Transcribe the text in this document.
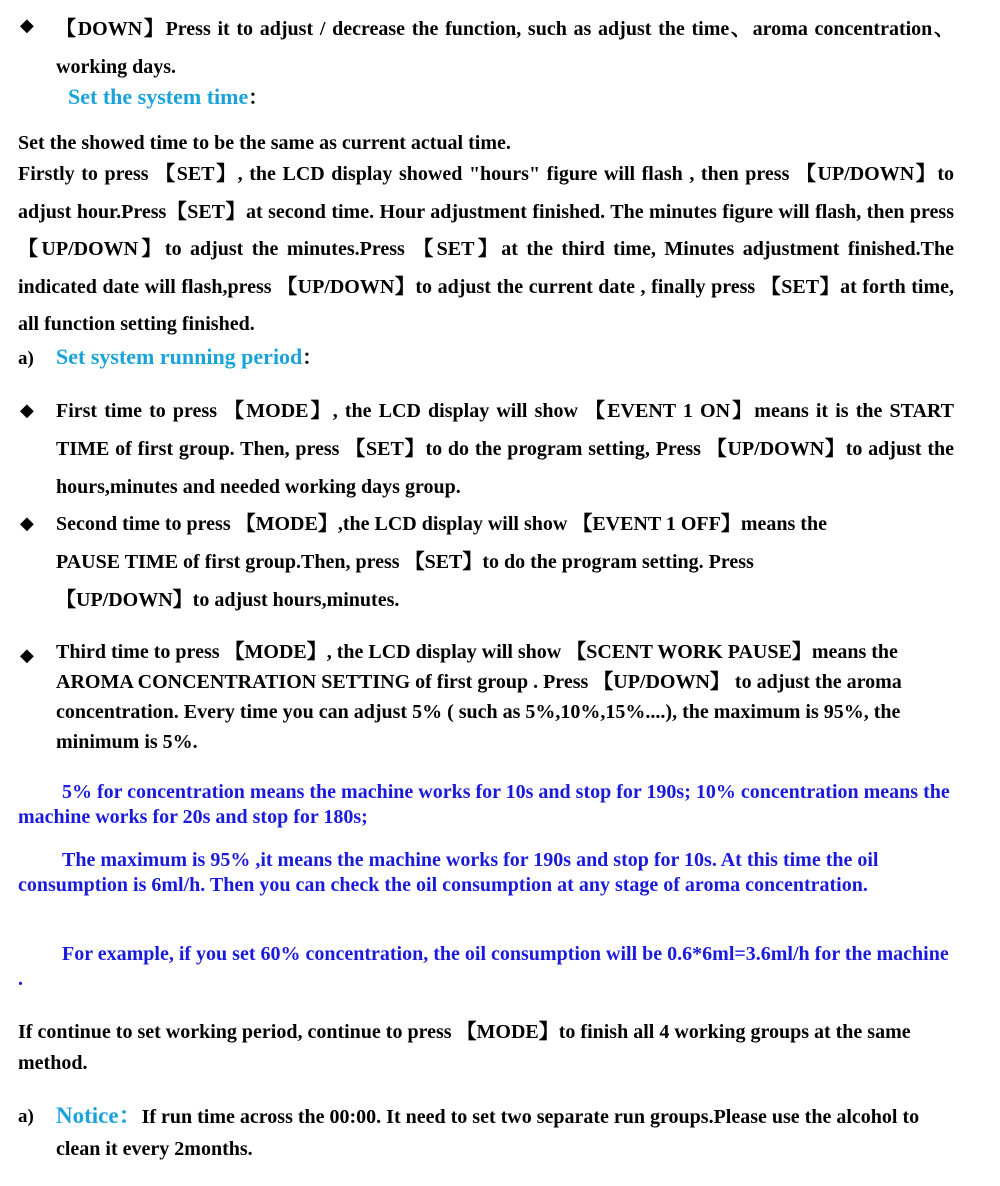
◆ 【DOWN】Press it to adjust / decrease the function, such as adjust the time、aroma concentration、working days.

Set the system time：

Set the showed time to be the same as current actual time.

Firstly to press 【SET】, the LCD display showed "hours" figure will flash , then press 【UP/DOWN】to adjust hour.Press【SET】at second time. Hour adjustment finished. The minutes figure will flash, then press 【UP/DOWN】to adjust the minutes.Press 【SET】at the third time, Minutes adjustment finished.The indicated date will flash,press 【UP/DOWN】to adjust the current date , finally press 【SET】at forth time, all function setting finished.

a) Set system running period：
◆ First time to press 【MODE】, the LCD display will show 【EVENT 1 ON】means it is the START TIME of first group. Then, press 【SET】to do the program setting, Press 【UP/DOWN】to adjust the hours,minutes and needed working days group.

◆ Second time to press 【MODE】,the LCD display will show 【EVENT 1 OFF】means the PAUSE TIME of first group.Then, press 【SET】to do the program setting. Press 【UP/DOWN】to adjust hours,minutes.

◆ Third time to press 【MODE】, the LCD display will show 【SCENT WORK PAUSE】means the AROMA CONCENTRATION SETTING of first group . Press 【UP/DOWN】 to adjust the aroma concentration. Every time you can adjust 5% ( such as 5%,10%,15%....), the maximum is 95%, the minimum is 5%.

5% for concentration means the machine works for 10s and stop for 190s; 10% concentration means the machine works for 20s and stop for 180s;

The maximum is 95% ,it means the machine works for 190s and stop for 10s. At this time the oil consumption is 6ml/h. Then you can check the oil consumption at any stage of aroma concentration.

For example, if you set 60% concentration, the oil consumption will be 0.6*6ml=3.6ml/h for the machine .

If continue to set working period, continue to press 【MODE】to finish all 4 working groups at the same method.

a) Notice：If run time across the 00:00. It need to set two separate run groups.Please use the alcohol to clean it every 2months.
